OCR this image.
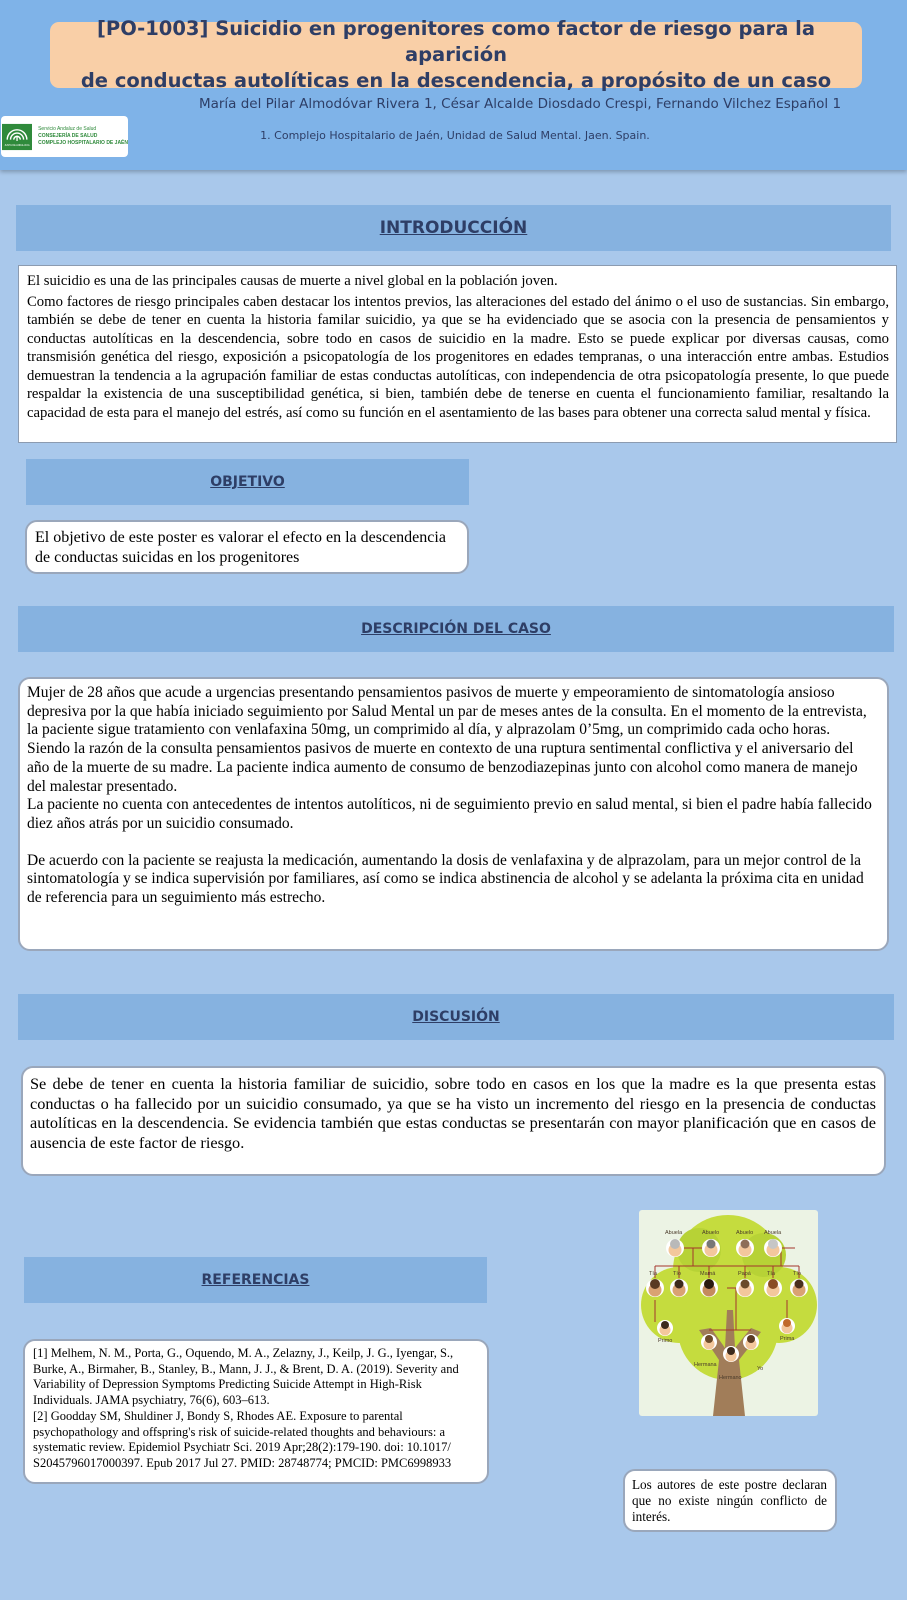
[PO-1003] Suicidio en progenitores como factor de riesgo para la aparición
de conductas autolíticas en la descendencia, a propósito de un caso
María del Pilar Almodóvar Rivera 1, César Alcalde Diosdado Crespi, Fernando Vilchez Español 1
1. Complejo Hospitalario de Jaén, Unidad de Salud Mental. Jaen. Spain.
JUNTA DE ANDALUCIA
Servicio Andaluz de Salud
CONSEJERÍA DE SALUD
COMPLEJO HOSPITALARIO DE JAÉN
INTRODUCCIÓN

El suicidio es una de las principales causas de muerte a nivel global en la población joven.

Como factores de riesgo principales caben destacar los intentos previos, las alteraciones del estado del ánimo o el uso de sustancias. Sin embargo, también se debe de tener en cuenta la historia familar suicidio, ya que se ha evidenciado que se asocia con la presencia de pensamientos y conductas autolíticas en la descendencia, sobre todo en casos de suicidio en la madre. Esto se puede explicar por diversas causas, como transmisión genética del riesgo, exposición a psicopatología de los progenitores en edades tempranas, o una interacción entre ambas. Estudios demuestran la tendencia a la agrupación familiar de estas conductas autolíticas, con independencia de otra psicopatología presente, lo que puede respaldar la existencia de una susceptibilidad genética, si bien, también debe de tenerse en cuenta el funcionamiento familiar, resaltando la capacidad de esta para el manejo del estrés, así como su función en el asentamiento de las bases para obtener una correcta salud mental y física.

OBJETIVO

El objetivo de este poster es valorar el efecto en la descendencia de conductas suicidas en los progenitores

DESCRIPCIÓN DEL CASO

Mujer de 28 años que acude a urgencias presentando pensamientos pasivos de muerte y empeoramiento de sintomatología ansioso depresiva por la que había iniciado seguimiento por Salud Mental un par de meses antes de la consulta. En el momento de la entrevista, la paciente sigue tratamiento con venlafaxina 50mg, un comprimido al día, y alprazolam 0’5mg, un comprimido cada ocho horas.

Siendo la razón de la consulta pensamientos pasivos de muerte en contexto de una ruptura sentimental conflictiva y el aniversario del año de la muerte de su madre. La paciente indica aumento de consumo de benzodiazepinas junto con alcohol como manera de manejo del malestar presentado.

La paciente no cuenta con antecedentes de intentos autolíticos, ni de seguimiento previo en salud mental, si bien el padre había fallecido diez años atrás por un suicidio consumado.

De acuerdo con la paciente se reajusta la medicación, aumentando la dosis de venlafaxina y de alprazolam, para un mejor control de la sintomatología y se indica supervisión por familiares, así como se indica abstinencia de alcohol y se adelanta la próxima cita en unidad de referencia para un seguimiento más estrecho.

DISCUSIÓN

Se debe de tener en cuenta la historia familiar de suicidio, sobre todo en casos en los que la madre es la que presenta estas conductas o ha fallecido por un suicidio consumado, ya que se ha visto un incremento del riesgo en la presencia de conductas autolíticas en la descendencia. Se evidencia también que estas conductas se presentarán con mayor planificación que en casos de ausencia de este factor de riesgo.

REFERENCIAS

[1] Melhem, N. M., Porta, G., Oquendo, M. A., Zelazny, J., Keilp, J. G., Iyengar, S., Burke, A., Birmaher, B., Stanley, B., Mann, J. J., & Brent, D. A. (2019). Severity and Variability of Depression Symptoms Predicting Suicide Attempt in High-Risk Individuals. JAMA psychiatry, 76(6), 603–613.

[2] Goodday SM, Shuldiner J, Bondy S, Rhodes AE. Exposure to parental psychopathology and offspring's risk of suicide-related thoughts and behaviours: a systematic review. Epidemiol Psychiatr Sci. 2019 Apr;28(2):179-190. doi: 10.1017/ S2045796017000397. Epub 2017 Jul 27. PMID: 28748774; PMCID: PMC6998933

Abuela	Abuelo	Abuelo Abuela
Tía	Tío	Mamá	Papá	Tía	Tío
Primo	Prima
Hermana
Yo
Hermano

Los autores de este postre declaran que no existe ningún conflicto de interés.
